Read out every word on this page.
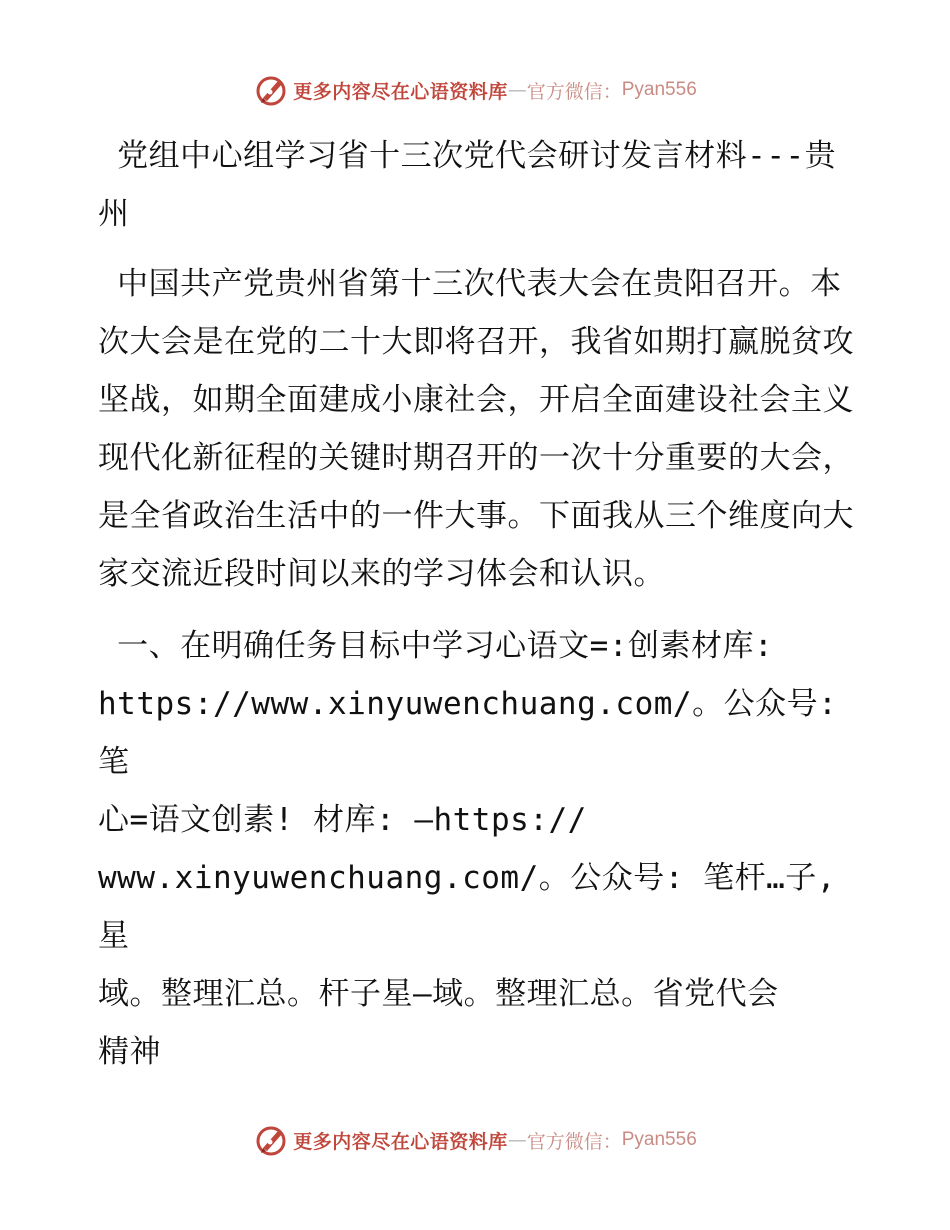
更多内容尽在心语资料库 — 官方微信： Pyan556

党组中心组学习省十三次党代会研讨发言材料---贵州

中国共产党贵州省第十三次代表大会在贵阳召开。本次大会是在党的二十大即将召开，我省如期打赢脱贫攻坚战，如期全面建成小康社会，开启全面建设社会主义现代化新征程的关键时期召开的一次十分重要的大会，是全省政治生活中的一件大事。下面我从三个维度向大家交流近段时间以来的学习体会和认识。

一、在明确任务目标中学习心语文=:创素材库:
https://www.xinyuwenchuang.com/。公众号: 笔
心=语文创素! 材库: —https://
www.xinyuwenchuang.com/。公众号: 笔杆…子,星
域。整理汇总。杆子星—域。整理汇总。省党代会
精神

更多内容尽在心语资料库 — 官方微信： Pyan556
